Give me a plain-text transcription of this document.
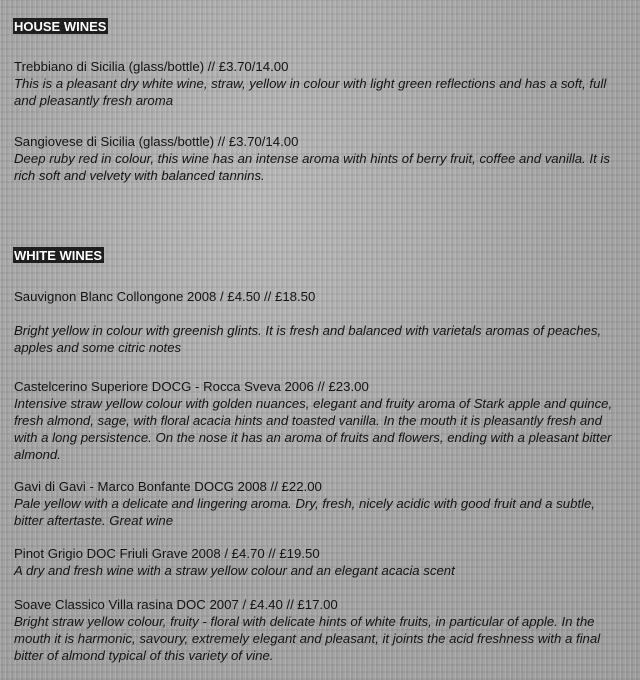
HOUSE WINES
Trebbiano di Sicilia (glass/bottle) // £3.70/14.00
This is a pleasant dry white wine, straw, yellow in colour with light green reflections and has a soft, full and pleasantly fresh aroma
Sangiovese di Sicilia (glass/bottle) // £3.70/14.00
Deep ruby red in colour, this wine has an intense aroma with hints of berry fruit, coffee and vanilla. It is rich soft and velvety with balanced tannins.
WHITE WINES
Sauvignon Blanc Collongone 2008 / £4.50 // £18.50
Bright yellow in colour with greenish glints. It is fresh and balanced with varietals aromas of peaches, apples and some citric notes
Castelcerino Superiore DOCG - Rocca Sveva 2006 // £23.00
Intensive straw yellow colour with golden nuances, elegant and fruity aroma of Stark apple and quince, fresh almond, sage, with floral acacia hints and toasted vanilla. In the mouth it is pleasantly fresh and with a long persistence. On the nose it has an aroma of fruits and flowers, ending with a pleasant bitter almond.
Gavi di Gavi - Marco Bonfante DOCG 2008 // £22.00
Pale yellow with a delicate and lingering aroma. Dry, fresh, nicely acidic with good fruit and a subtle, bitter aftertaste. Great wine
Pinot Grigio DOC Friuli Grave 2008 / £4.70 // £19.50
A dry and fresh wine with a straw yellow colour and an elegant acacia scent
Soave Classico Villa rasina DOC 2007 / £4.40 // £17.00
Bright straw yellow colour, fruity - floral with delicate hints of white fruits, in particular of apple. In the mouth it is harmonic, savoury, extremely elegant and pleasant, it joints the acid freshness with a final bitter of almond typical of this variety of vine.
